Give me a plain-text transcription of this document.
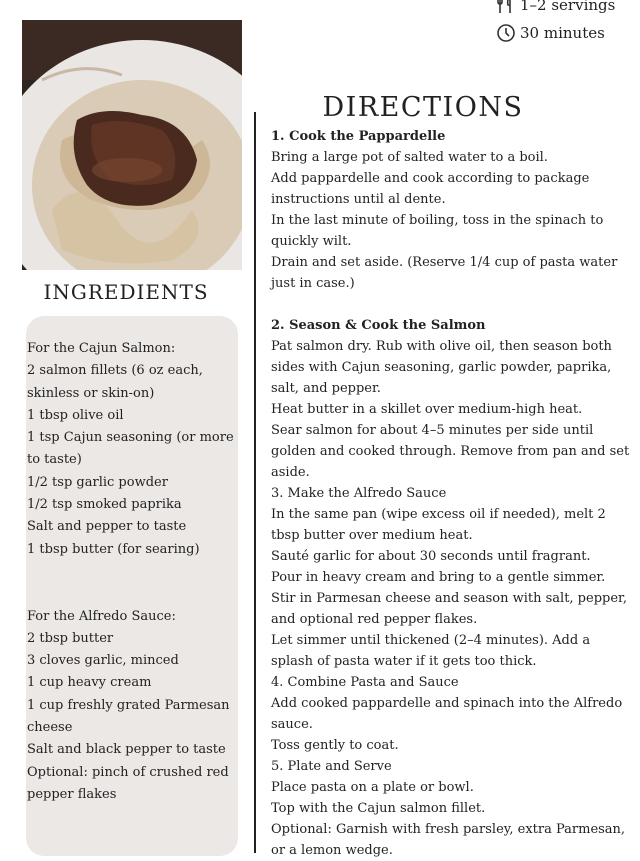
1–2 servings
30 minutes
INGREDIENTS
For the Cajun Salmon:
2 salmon fillets (6 oz each, skinless or skin-on)
1 tbsp olive oil
1 tsp Cajun seasoning (or more to taste)
1/2 tsp garlic powder
1/2 tsp smoked paprika
Salt and pepper to taste
1 tbsp butter (for searing)
For the Alfredo Sauce:
2 tbsp butter
3 cloves garlic, minced
1 cup heavy cream
1 cup freshly grated Parmesan cheese
Salt and black pepper to taste
Optional: pinch of crushed red pepper flakes
DIRECTIONS
1. Cook the Pappardelle
Bring a large pot of salted water to a boil.
Add pappardelle and cook according to package instructions until al dente.
In the last minute of boiling, toss in the spinach to quickly wilt.
Drain and set aside. (Reserve 1/4 cup of pasta water just in case.)
2. Season & Cook the Salmon
Pat salmon dry. Rub with olive oil, then season both sides with Cajun seasoning, garlic powder, paprika, salt, and pepper.
Heat butter in a skillet over medium-high heat.
Sear salmon for about 4–5 minutes per side until golden and cooked through. Remove from pan and set aside.
3. Make the Alfredo Sauce
In the same pan (wipe excess oil if needed), melt 2 tbsp butter over medium heat.
Sauté garlic for about 30 seconds until fragrant.
Pour in heavy cream and bring to a gentle simmer.
Stir in Parmesan cheese and season with salt, pepper, and optional red pepper flakes.
Let simmer until thickened (2–4 minutes). Add a splash of pasta water if it gets too thick.
4. Combine Pasta and Sauce
Add cooked pappardelle and spinach into the Alfredo sauce.
Toss gently to coat.
5. Plate and Serve
Place pasta on a plate or bowl.
Top with the Cajun salmon fillet.
Optional: Garnish with fresh parsley, extra Parmesan, or a lemon wedge.
